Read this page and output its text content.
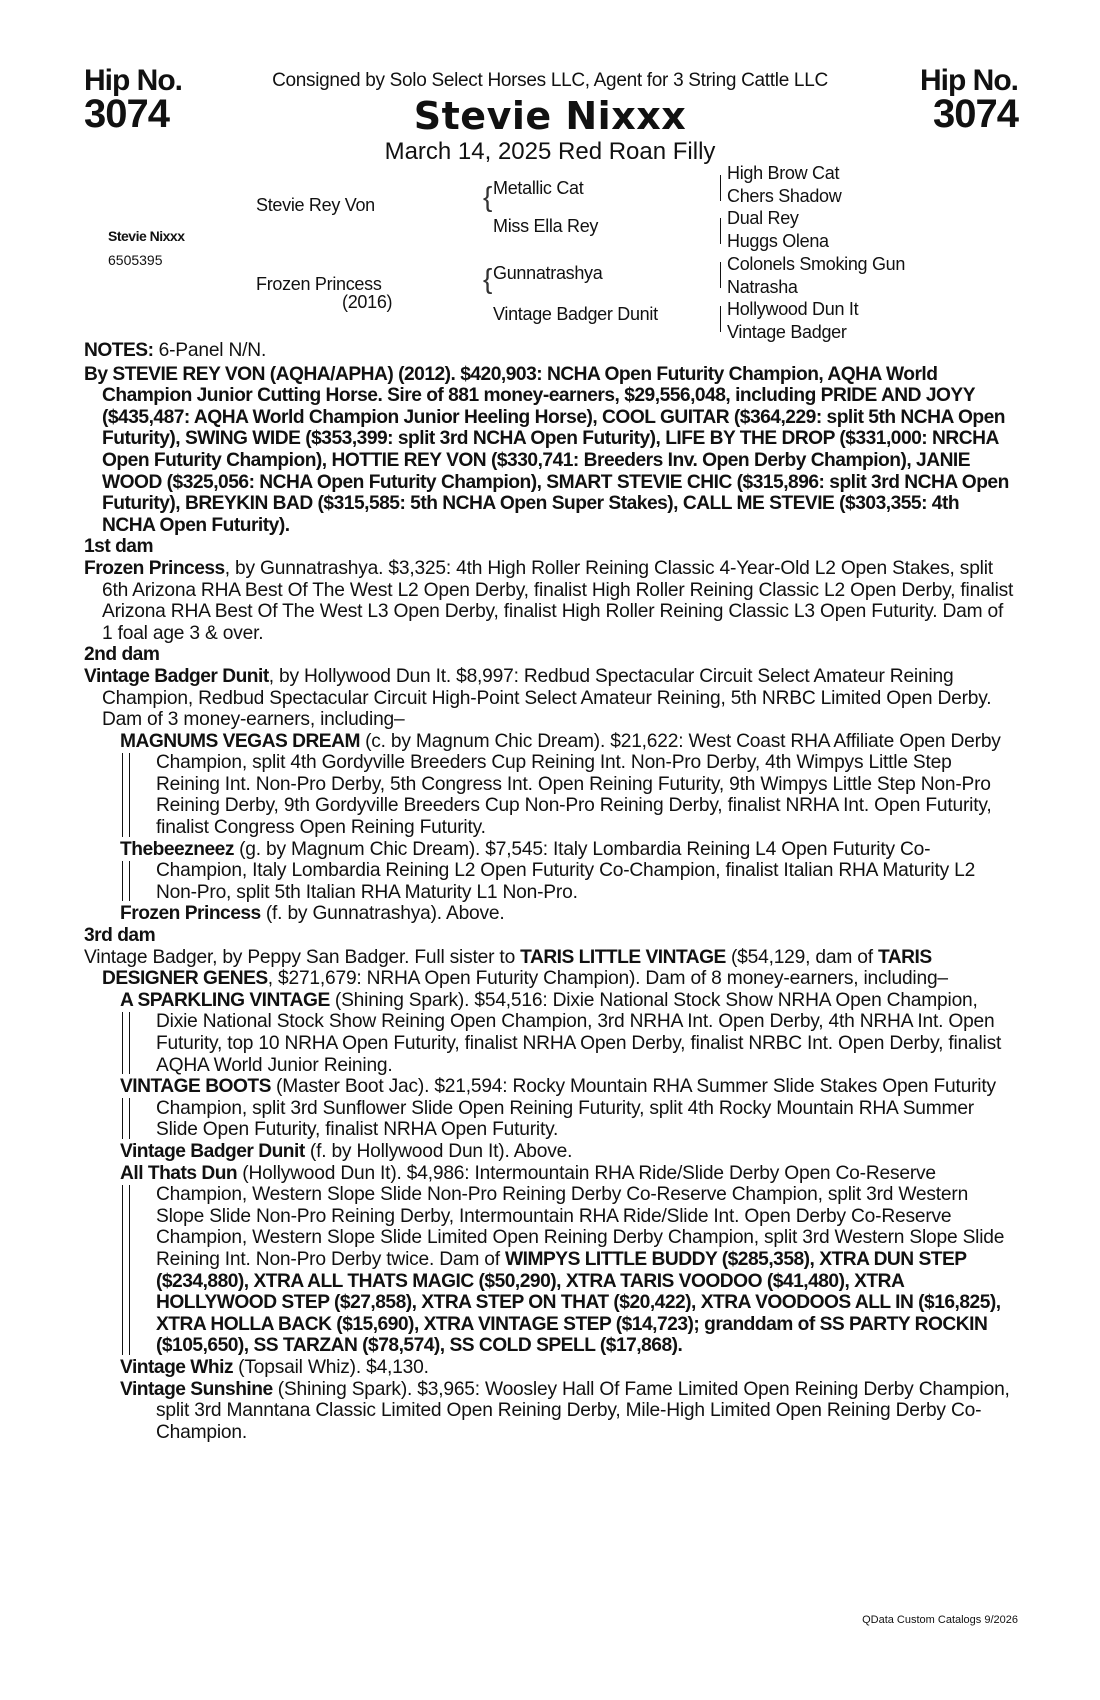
Hip No.
3074
Hip No.
3074
Consigned by Solo Select Horses LLC, Agent for 3 String Cattle LLC
Stevie Nixxx
March 14, 2025 Red Roan Filly
Stevie Nixxx
6505395
Stevie Rey Von
Frozen Princess
(2016)
{
{
Metallic Cat
Miss Ella Rey
Gunnatrashya
Vintage Badger Dunit
High Brow Cat
Chers Shadow
Dual Rey
Huggs Olena
Colonels Smoking Gun
Natrasha
Hollywood Dun It
Vintage Badger

NOTES: 6-Panel N/N.

By STEVIE REY VON (AQHA/APHA) (2012). $420,903: NCHA Open Futurity Champion, AQHA World Champion Junior Cutting Horse. Sire of 881 money-earners, $29,556,048, including PRIDE AND JOYY ($435,487: AQHA World Champion Junior Heeling Horse), COOL GUITAR ($364,229: split 5th NCHA Open Futurity), SWING WIDE ($353,399: split 3rd NCHA Open Futurity), LIFE BY THE DROP ($331,000: NRCHA Open Futurity Champion), HOTTIE REY VON ($330,741: Breeders Inv. Open Derby Champion), JANIE WOOD ($325,056: NCHA Open Futurity Champion), SMART STEVIE CHIC ($315,896: split 3rd NCHA Open Futurity), BREYKIN BAD ($315,585: 5th NCHA Open Super Stakes), CALL ME STEVIE ($303,355: 4th NCHA Open Futurity).

1st dam

Frozen Princess, by Gunnatrashya. $3,325: 4th High Roller Reining Classic 4-Year-Old L2 Open Stakes, split 6th Arizona RHA Best Of The West L2 Open Derby, finalist High Roller Reining Classic L2 Open Derby, finalist Arizona RHA Best Of The West L3 Open Derby, finalist High Roller Reining Classic L3 Open Futurity. Dam of 1 foal age 3 & over.

2nd dam

Vintage Badger Dunit, by Hollywood Dun It. $8,997: Redbud Spectacular Circuit Select Amateur Reining Champion, Redbud Spectacular Circuit High-Point Select Amateur Reining, 5th NRBC Limited Open Derby. Dam of 3 money-earners, including–

MAGNUMS VEGAS DREAM (c. by Magnum Chic Dream). $21,622: West Coast RHA Affiliate Open Derby Champion, split 4th Gordyville Breeders Cup Reining Int. Non-Pro Derby, 4th Wimpys Little Step Reining Int. Non-Pro Derby, 5th Congress Int. Open Reining Futurity, 9th Wimpys Little Step Non-Pro Reining Derby, 9th Gordyville Breeders Cup Non-Pro Reining Derby, finalist NRHA Int. Open Futurity, finalist Congress Open Reining Futurity.

Thebeezneez (g. by Magnum Chic Dream). $7,545: Italy Lombardia Reining L4 Open Futurity Co-Champion, Italy Lombardia Reining L2 Open Futurity Co-Champion, finalist Italian RHA Maturity L2 Non-Pro, split 5th Italian RHA Maturity L1 Non-Pro.

Frozen Princess (f. by Gunnatrashya). Above.

3rd dam

Vintage Badger, by Peppy San Badger. Full sister to TARIS LITTLE VINTAGE ($54,129, dam of TARIS DESIGNER GENES, $271,679: NRHA Open Futurity Champion). Dam of 8 money-earners, including–

A SPARKLING VINTAGE (Shining Spark). $54,516: Dixie National Stock Show NRHA Open Champion, Dixie National Stock Show Reining Open Champion, 3rd NRHA Int. Open Derby, 4th NRHA Int. Open Futurity, top 10 NRHA Open Futurity, finalist NRHA Open Derby, finalist NRBC Int. Open Derby, finalist AQHA World Junior Reining.

VINTAGE BOOTS (Master Boot Jac). $21,594: Rocky Mountain RHA Summer Slide Stakes Open Futurity Champion, split 3rd Sunflower Slide Open Reining Futurity, split 4th Rocky Mountain RHA Summer Slide Open Futurity, finalist NRHA Open Futurity.

Vintage Badger Dunit (f. by Hollywood Dun It). Above.

All Thats Dun (Hollywood Dun It). $4,986: Intermountain RHA Ride/Slide Derby Open Co-Reserve Champion, Western Slope Slide Non-Pro Reining Derby Co-Reserve Champion, split 3rd Western Slope Slide Non-Pro Reining Derby, Intermountain RHA Ride/Slide Int. Open Derby Co-Reserve Champion, Western Slope Slide Limited Open Reining Derby Champion, split 3rd Western Slope Slide Reining Int. Non-Pro Derby twice. Dam of WIMPYS LITTLE BUDDY ($285,358), XTRA DUN STEP ($234,880), XTRA ALL THATS MAGIC ($50,290), XTRA TARIS VOODOO ($41,480), XTRA HOLLYWOOD STEP ($27,858), XTRA STEP ON THAT ($20,422), XTRA VOODOOS ALL IN ($16,825), XTRA HOLLA BACK ($15,690), XTRA VINTAGE STEP ($14,723); granddam of SS PARTY ROCKIN ($105,650), SS TARZAN ($78,574), SS COLD SPELL ($17,868).

Vintage Whiz (Topsail Whiz). $4,130.

Vintage Sunshine (Shining Spark). $3,965: Woosley Hall Of Fame Limited Open Reining Derby Champion, split 3rd Manntana Classic Limited Open Reining Derby, Mile-High Limited Open Reining Derby Co-Champion.

QData Custom Catalogs 9/2026
